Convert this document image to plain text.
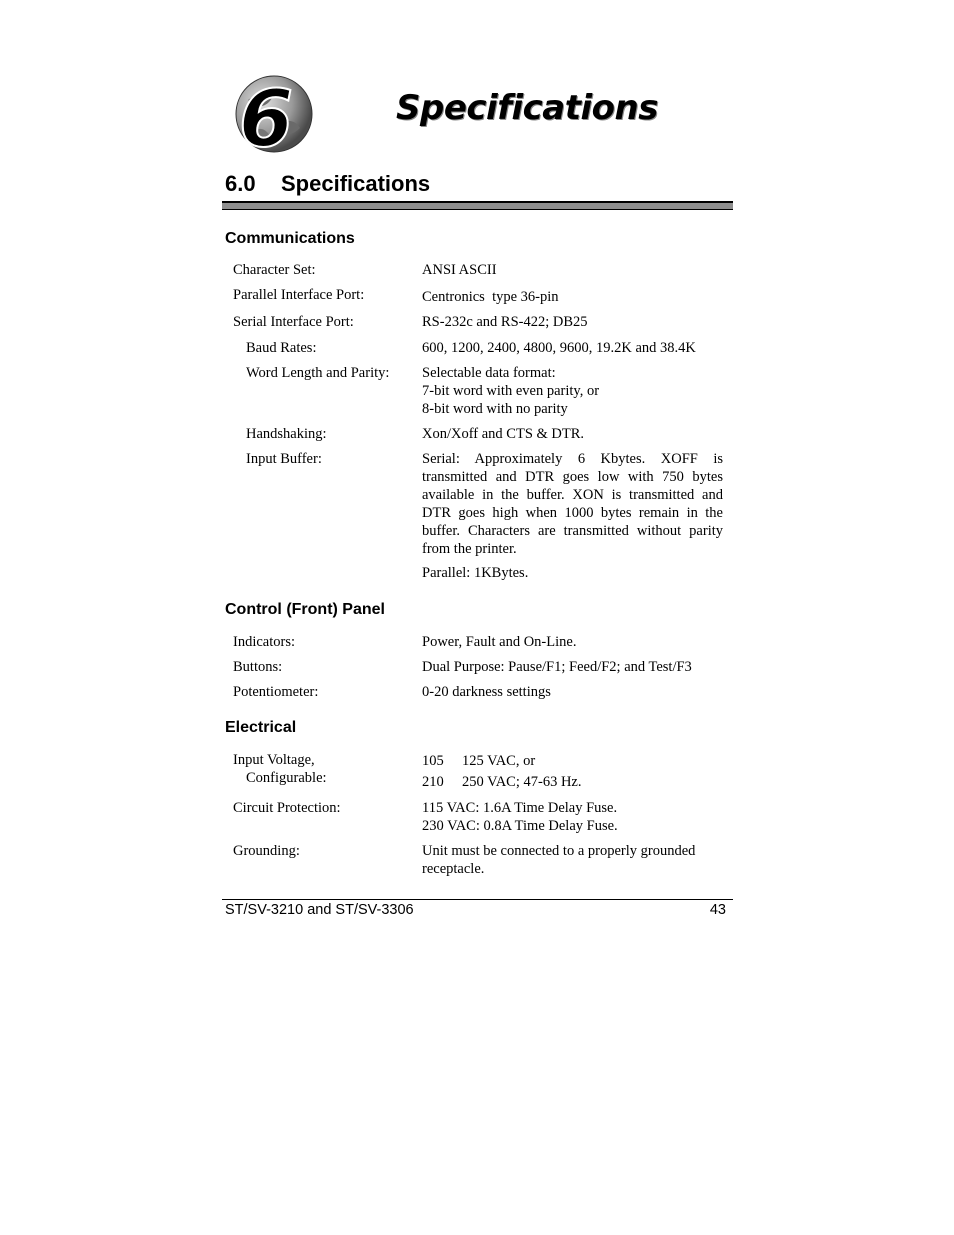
6	Specifications
6.0 Specifications
Communications
Character Set:	ANSI ASCII
Parallel Interface Port:	Centronics  type 36-pin
Serial Interface Port:	RS-232c and RS-422; DB25
Baud Rates:	600, 1200, 2400, 4800, 9600, 19.2K and 38.4K
Word Length and Parity: Selectable data format:
7-bit word with even parity, or
8-bit word with no parity
Handshaking:	Xon/Xoff and CTS & DTR.
Input Buffer:	Serial: Approximately 6 Kbytes. XOFF is transmitted and DTR goes low with 750 bytes available in the buffer. XON is transmitted and DTR goes high when 1000 bytes remain in the buffer. Characters are transmitted without parity from the printer.
Parallel: 1KBytes.
Control (Front) Panel
Indicators:	Power, Fault and On-Line.
Buttons:	Dual Purpose: Pause/F1; Feed/F2; and Test/F3
Potentiometer:	0-20 darkness settings
Electrical
Input Voltage,
Configurable:
105 125 VAC, or
210 250 VAC; 47-63 Hz.
Circuit Protection:	115 VAC: 1.6A Time Delay Fuse.
230 VAC: 0.8A Time Delay Fuse.
Grounding:	Unit must be connected to a properly grounded receptacle.
ST/SV-3210 and ST/SV-3306	43
